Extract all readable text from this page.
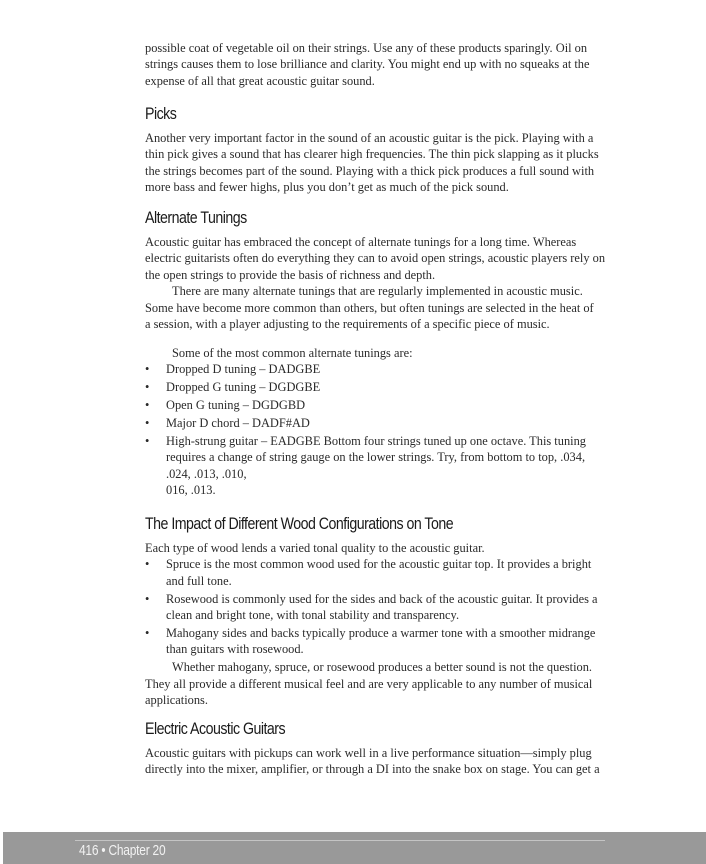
possible coat of vegetable oil on their strings. Use any of these products sparingly. Oil on
strings causes them to lose brilliance and clarity. You might end up with no squeaks at the
expense of all that great acoustic guitar sound.
Picks
Another very important factor in the sound of an acoustic guitar is the pick. Playing with a
thin pick gives a sound that has clearer high frequencies. The thin pick slapping as it plucks
the strings becomes part of the sound. Playing with a thick pick produces a full sound with
more bass and fewer highs, plus you don’t get as much of the pick sound.
Alternate Tunings
Acoustic guitar has embraced the concept of alternate tunings for a long time. Whereas
electric guitarists often do everything they can to avoid open strings, acoustic players rely on
the open strings to provide the basis of richness and depth.
There are many alternate tunings that are regularly implemented in acoustic music.
Some have become more common than others, but often tunings are selected in the heat of
a session, with a player adjusting to the requirements of a specific piece of music.
Some of the most common alternate tunings are:
• Dropped D tuning – DADGBE
• Dropped G tuning – DGDGBE
• Open G tuning – DGDGBD
• Major D chord – DADF#AD
• High-strung guitar – EADGBE Bottom four strings tuned up one octave. This tuning
requires a change of string gauge on the lower strings. Try, from bottom to top, .034,
.024, .013, .010,
016, .013.
The Impact of Different Wood Configurations on Tone
Each type of wood lends a varied tonal quality to the acoustic guitar.
• Spruce is the most common wood used for the acoustic guitar top. It provides a bright
and full tone.
• Rosewood is commonly used for the sides and back of the acoustic guitar. It provides a
clean and bright tone, with tonal stability and transparency.
• Mahogany sides and backs typically produce a warmer tone with a smoother midrange
than guitars with rosewood.
Whether mahogany, spruce, or rosewood produces a better sound is not the question.
They all provide a different musical feel and are very applicable to any number of musical
applications.
Electric Acoustic Guitars
Acoustic guitars with pickups can work well in a live performance situation—simply plug
directly into the mixer, amplifier, or through a DI into the snake box on stage. You can get a
416 • Chapter 20
